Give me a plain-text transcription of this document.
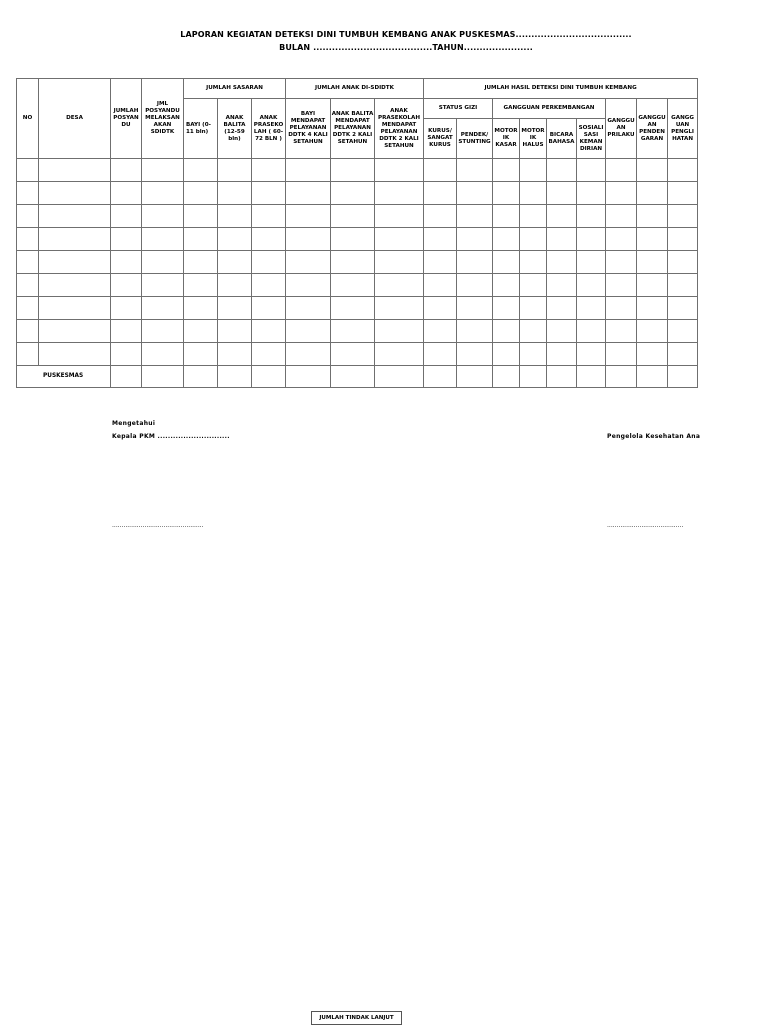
LAPORAN KEGIATAN DETEKSI DINI TUMBUH KEMBANG ANAK PUSKESMAS.....................................
BULAN ......................................TAHUN......................
NO	DESA	JUMLAH POSYAN DU	JML POSYANDU MELAKSAN AKAN SDIDTK	JUMLAH SASARAN			JUMLAH ANAK DI-SDIDTK			JUMLAH HASIL DETEKSI DINI TUMBUH KEMBANG								
				BAYI (0-11 bln)	ANAK BALITA (12-59 bln)	ANAK PRASEKO LAH ( 60-72 BLN )	BAYI MENDAPAT PELAYANAN DDTK 4 KALI SETAHUN	ANAK BALITA MENDAPAT PELAYANAN DDTK 2 KALI SETAHUN	ANAK PRASEKOLAH MENDAPAT PELAYANAN DDTK 2 KALI SETAHUN	STATUS GIZI		GANGGUAN PERKEMBANGAN				GANGGU AN PRILAKU	GANGGU AN PENDEN GARAN	GANGG UAN PENGLI HATAN
										KURUS/ SANGAT KURUS	PENDEK/ STUNTING	MOTOR IK KASAR	MOTOR IK HALUS	BICARA BAHASA	SOSIALI SASI KEMAN DIRIAN			

PUSKESMAS																		
Mengetahui
Kepala PKM ............................	Pengelola Kesehatan Ana
................................................	........................................
JUMLAH TINDAK LANJUT
